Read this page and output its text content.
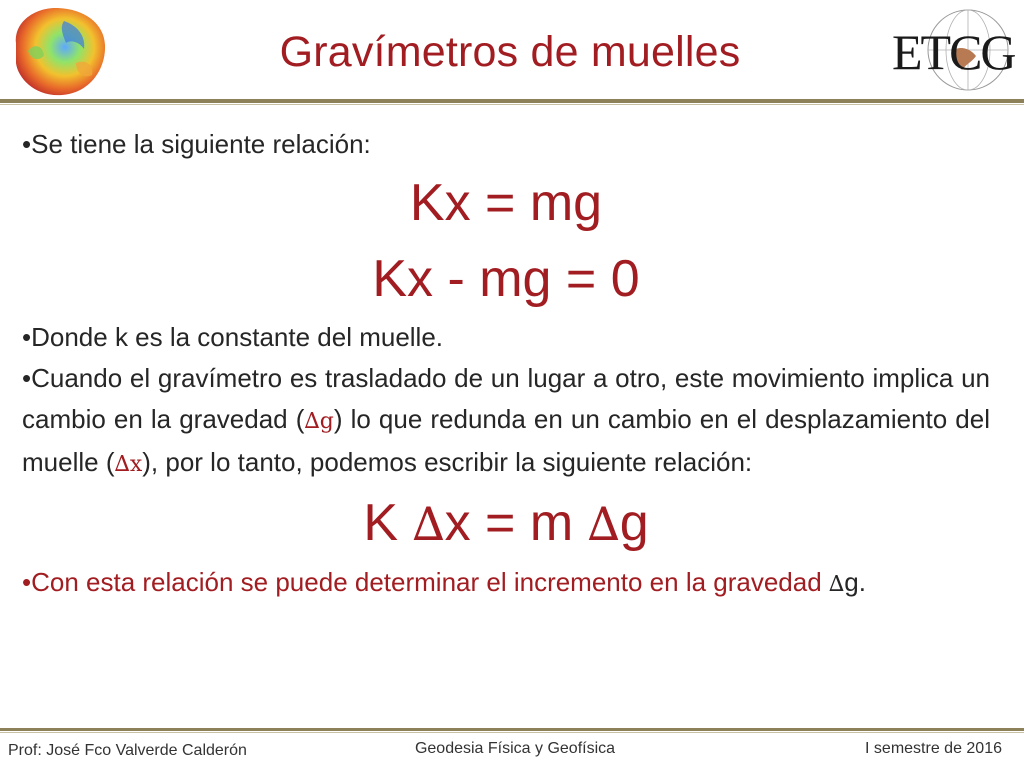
Gravímetros de muelles	ETCG

•Se tiene la siguiente relación:

Kx = mg

Kx - mg = 0

•Donde k es la constante del muelle.

•Cuando el gravímetro es trasladado de un lugar a otro, este movimiento implica un cambio en la gravedad (∆g) lo que redunda en un cambio en el desplazamiento del muelle (∆x), por lo tanto, podemos escribir la siguiente relación:

K ∆x = m ∆g

•Con esta relación se puede determinar el incremento en la gravedad ∆g.

Prof: José Fco Valverde Calderón	Geodesia Física y Geofísica	I semestre de 2016
